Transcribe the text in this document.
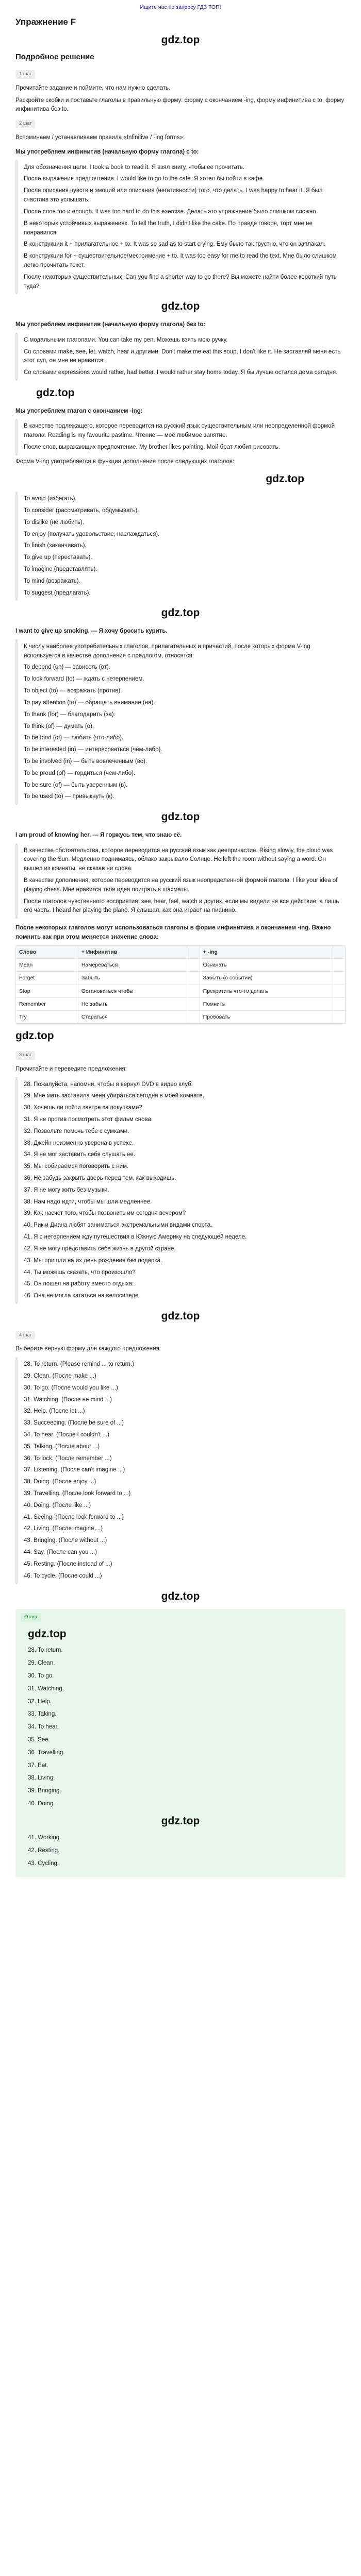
Ищите нас по запросу ГДЗ ТОП!
Упражнение F
gdz.top
Подробное решение
1 шаг

Прочитайте задание и поймите, что нам нужно сделать.

Раскройте скобки и поставьте глаголы в правильную форму: форму с окончанием -ing, форму инфинитива с to, форму инфинитива без to.

2 шаг

Вспоминаем / устанавливаем правила «Infinitive / -ing forms»:

Мы употребляем инфинитив (начальную форму глагола) с to:
Для обозначения цели. I took a book to read it. Я взял книгу, чтобы ее прочитать.
После выражения предпочтения. I would like to go to the café. Я хотел бы пойти в кафе.
После описания чувств и эмоций или описания (негативности) того, что делать. I was happy to hear it. Я был счастлив это услышать.
После слов too и enough. It was too hard to do this exercise. Делать это упражнение было слишком сложно.
В некоторых устойчивых выражениях. To tell the truth, I didn't like the cake. По правде говоря, торт мне не понравился.
В конструкции it + прилагательное + to. It was so sad as to start crying. Ему было так грустно, что он заплакал.
В конструкции for + существительное/местоимение + to. It was too easy for me to read the text. Мне было слишком легко прочитать текст.
После некоторых существительных. Can you find a shorter way to go there? Вы можете найти более короткий путь туда?
gdz.top
Мы употребляем инфинитив (начальную форму глагола) без to:
С модальными глаголами. You can take my pen. Можешь взять мою ручку.
Со словами make, see, let, watch, hear и другими. Don't make me eat this soup, I don't like it. Не заставляй меня есть этот суп, он мне не нравится.
Со словами expressions would rather, had better. I would rather stay home today. Я бы лучше остался дома сегодня.
gdz.top
Мы употребляем глагол с окончанием -ing:
В качестве подлежащего, которое переводится на русский язык существительным или неопределенной формой глагола. Reading is my favourite pastime. Чтение — моё любимое занятие.
После слов, выражающих предпочтение. My brother likes painting. Мой брат любит рисовать.

Форма V-ing употребляется в функции дополнения после следующих глаголов:

gdz.top
To avoid (избегать).
To consider (рассматривать, обдумывать).
To dislike (не любить).
To enjoy (получать удовольствие, наслаждаться).
To finish (заканчивать).
To give up (переставать).
To imagine (представлять).
To mind (возражать).
To suggest (предлагать).
gdz.top

I want to give up smoking. — Я хочу бросить курить.

К числу наиболее употребительных глаголов, прилагательных и причастий, после которых форма V-ing используется в качестве дополнения с предлогом, относятся:
To depend (on) — зависеть (от).
To look forward (to) — ждать с нетерпением.
To object (to) — возражать (против).
To pay attention (to) — обращать внимание (на).
To thank (for) — благодарить (за).
To think (of) — думать (о).
To be fond (of) — любить (что-либо).
To be interested (in) — интересоваться (чем-либо).
To be involved (in) — быть вовлеченным (во).
To be proud (of) — гордиться (чем-либо).
To be sure (of) — быть уверенным (в).
To be used (to) — привыкнуть (к).
gdz.top

I am proud of knowing her. — Я горжусь тем, что знаю её.

В качестве обстоятельства, которое переводится на русский язык как деепричастие. Rising slowly, the cloud was covering the Sun. Медленно поднимаясь, облако закрывало Солнце. He left the room without saying a word. Он вышел из комнаты, не сказав ни слова.
В качестве дополнения, которое переводится на русский язык неопределенной формой глагола. I like your idea of playing chess. Мне нравится твоя идея поиграть в шахматы.
После глаголов чувственного восприятия: see, hear, feel, watch и других, если мы видели не все действие, а лишь его часть. I heard her playing the piano. Я слышал, как она играет на пианино.

После некоторых глаголов могут использоваться глаголы в форме инфинитива и окончанием -ing. Важно помнить как при этом меняется значение слова:

Слово	+ Инфинитив		+ -ing	
Mean	Намереваться		Означать	
Forget	Забыть		Забыть (о событии)	
Stop	Остановиться чтобы		Прекратить что-то делать	
Remember	Не забыть		Помнить	
Try	Стараться		Пробовать	
gdz.top
3 шаг

Прочитайте и переведите предложения:

28. Пожалуйста, напомни, чтобы я вернул DVD в видео клуб.
29. Мне мать заставила меня убираться сегодня в моей комнате.
30. Хочешь ли пойти завтра за покупками?
31. Я не против посмотреть этот фильм снова.
32. Позвольте помочь тебе с сумками.
33. Джейн неизменно уверена в успехе.
34. Я не мог заставить себя слушать ее.
35. Мы собираемся поговорить с ним.
36. Не забудь закрыть дверь перед тем, как выходишь.
37. Я не могу жить без музыки.
38. Нам надо идти, чтобы мы шли медленнее.
39. Как насчет того, чтобы позвонить им сегодня вечером?
40. Рик и Диана любят заниматься экстремальными видами спорта.
41. Я с нетерпением жду путешествия в Южную Америку на следующей неделе.
42. Я не могу представить себе жизнь в другой стране.
43. Мы пришли на их день рождения без подарка.
44. Ты можешь сказать, что произошло?
45. Он пошел на работу вместо отдыха.
46. Она не могла кататься на велосипеде.
gdz.top
4 шаг

Выберите верную форму для каждого предложения:

28. To return. (Please remind ... to return.)
29. Clean. (После make ...)
30. To go. (После would you like ...)
31. Watching. (После не mind ...)
32. Help. (После let ...)
33. Succeeding. (После be sure of ...)
34. To hear. (После I couldn't ...)
35. Talking. (После about ...)
36. To lock. (После remember ...)
37. Listening. (После can't imagine ...)
38. Doing. (После enjoy ...)
39. Travelling. (После look forward to ...)
40. Doing. (После like ...)
41. Seeing. (После look forward to ...)
42. Living. (После imagine ...)
43. Bringing. (После without ...)
44. Say. (После can you ...)
45. Resting. (После instead of ...)
46. To cycle. (После could ...)
gdz.top
Ответ
gdz.top
28. To return.
29. Clean.
30. To go.
31. Watching.
32. Help.
33. Taking.
34. To hear.
35. See.
36. Travelling.
37. Eat.
38. Living.
39. Bringing.
40. Doing.
gdz.top
41. Working.
42. Resting.
43. Cycling.
